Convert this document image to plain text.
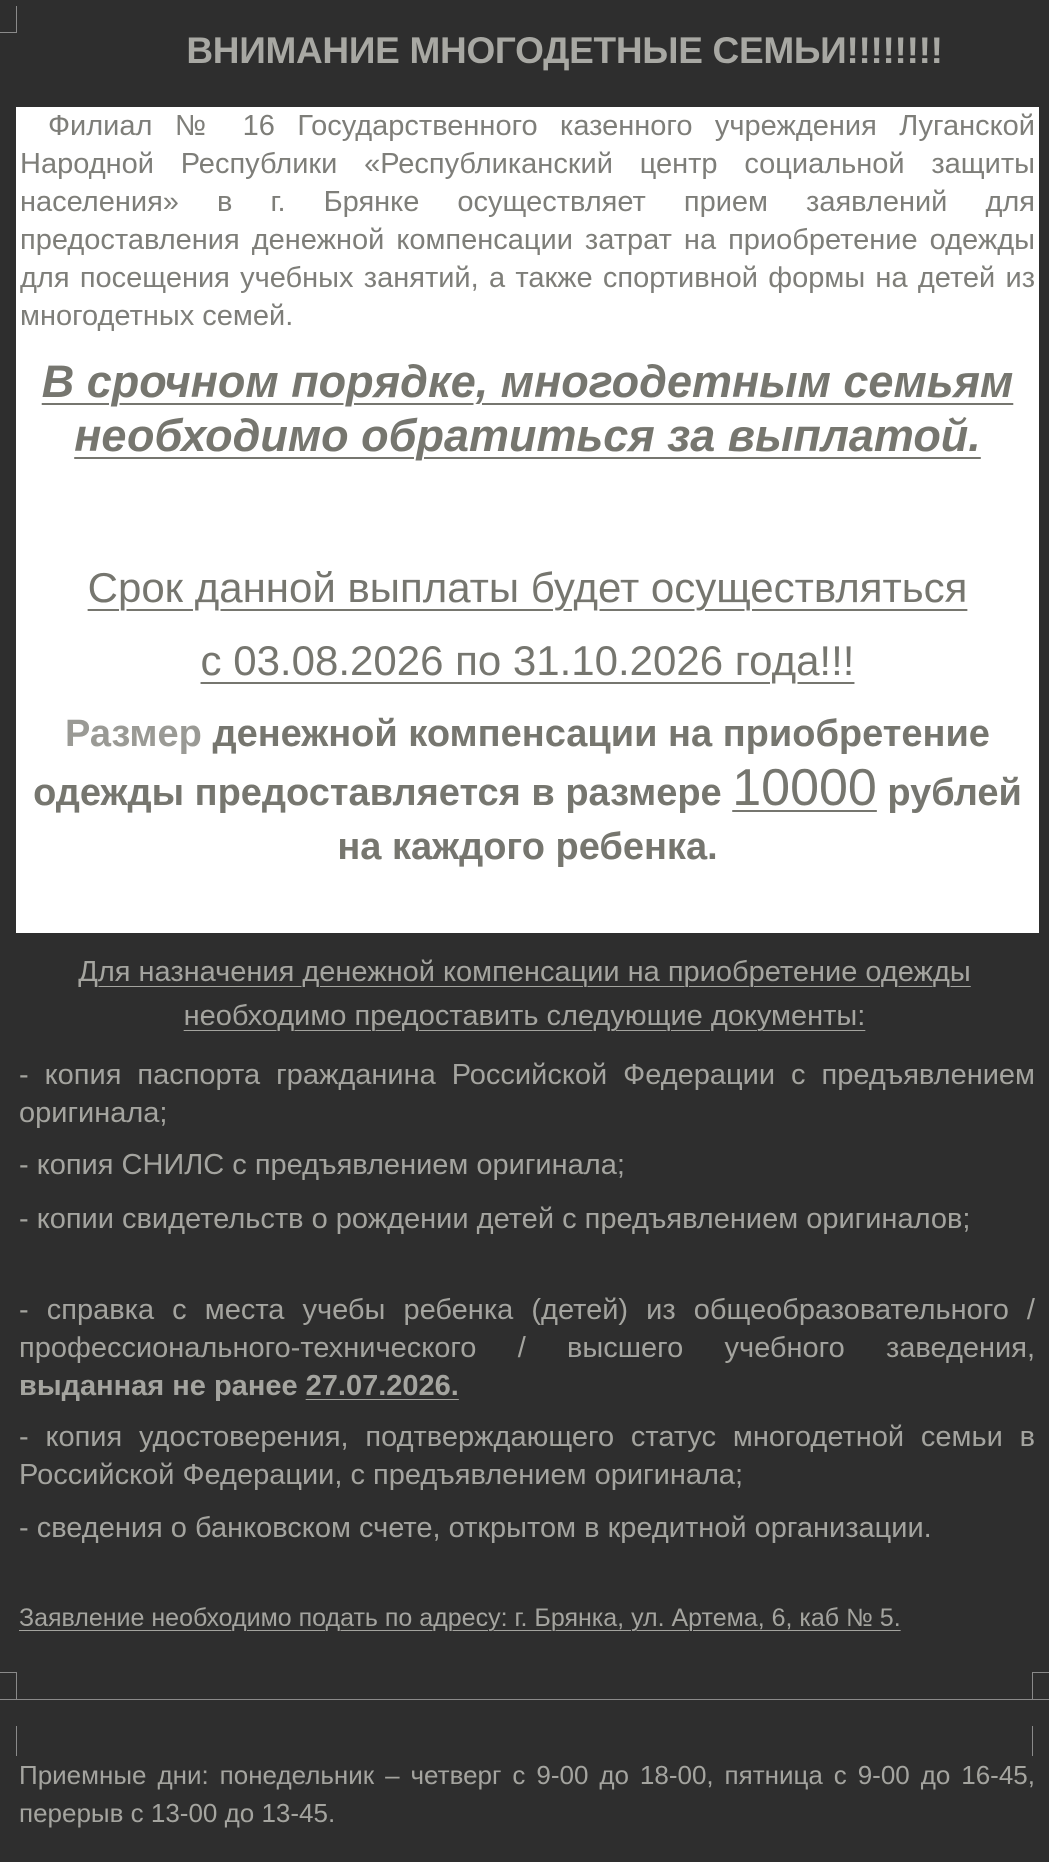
ВНИМАНИЕ МНОГОДЕТНЫЕ СЕМЬИ!!!!!!!!

Филиал № 16 Государственного казенного учреждения Луганской Народной Республики «Республиканский центр социальной защиты населения» в г. Брянке осуществляет прием заявлений для предоставления денежной компенсации затрат на приобретение одежды для посещения учебных занятий, а также спортивной формы на детей из многодетных семей.

В срочном порядке, многодетным семьям необходимо обратиться за выплатой.

Срок данной выплаты будет осуществляться

с 03.08.2026 по 31.10.2026 года!!!

Размер денежной компенсации на приобретение одежды предоставляется в размере 10000 рублей на каждого ребенка.

Для назначения денежной компенсации на приобретение одежды необходимо предоставить следующие документы:

- копия паспорта гражданина Российской Федерации с предъявлением оригинала;

- копия СНИЛС с предъявлением оригинала;

- копии свидетельств о рождении детей с предъявлением оригиналов;

- справка с места учебы ребенка (детей) из общеобразовательного /профессионального-технического / высшего учебного заведения, выданная не ранее 27.07.2026.

- копия удостоверения, подтверждающего статус многодетной семьи в Российской Федерации, с предъявлением оригинала;

- сведения о банковском счете, открытом в кредитной организации.

Заявление необходимо подать по адресу: г. Брянка, ул. Артема, 6, каб № 5.

Приемные дни: понедельник – четверг с 9-00 до 18-00, пятница с 9-00 до 16-45, перерыв с 13-00 до 13-45.
